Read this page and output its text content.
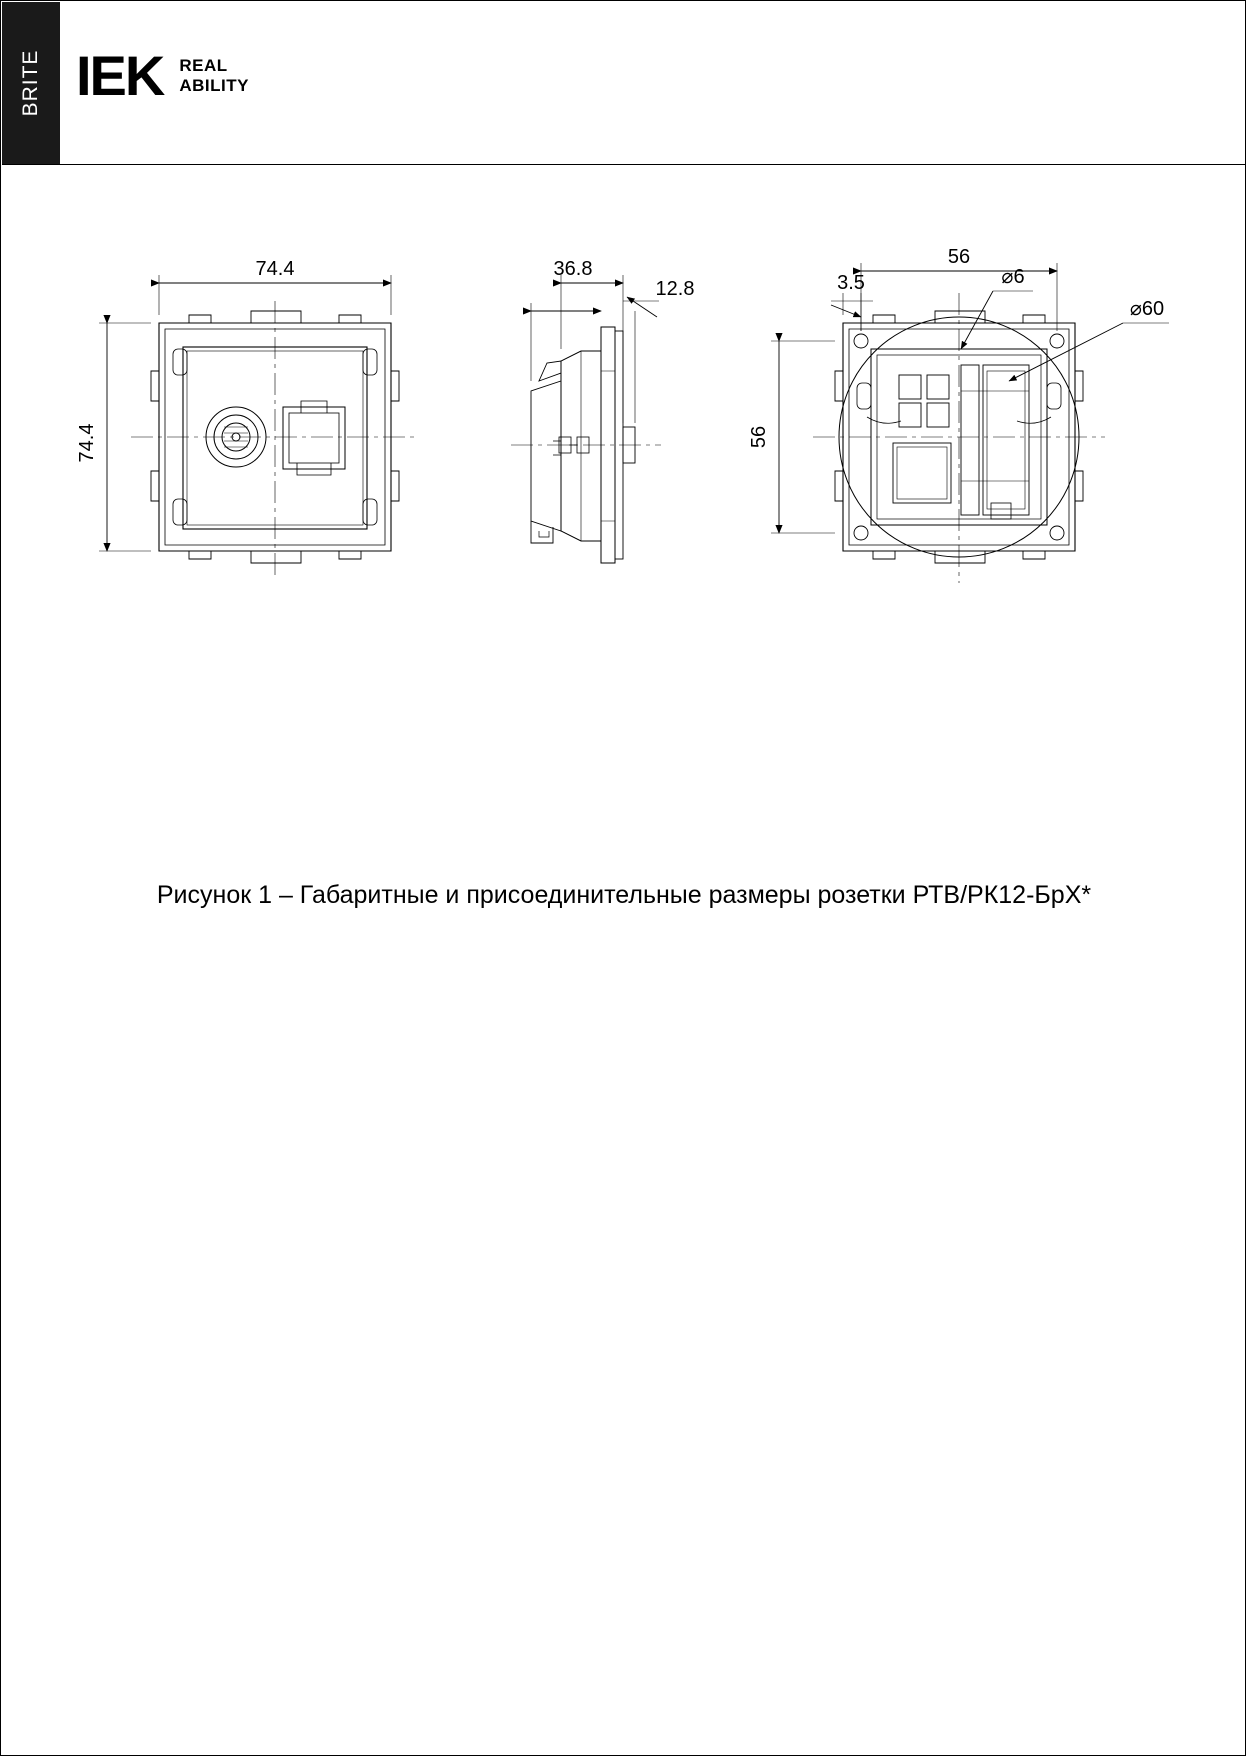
BRITE IEK REAL
ABILITY
74.4
74.4
36.8
12.8
56
3.5
56
⌀6
⌀60
Рисунок 1 – Габаритные и присоединительные размеры розетки РТВ/РК12-БрХ*
